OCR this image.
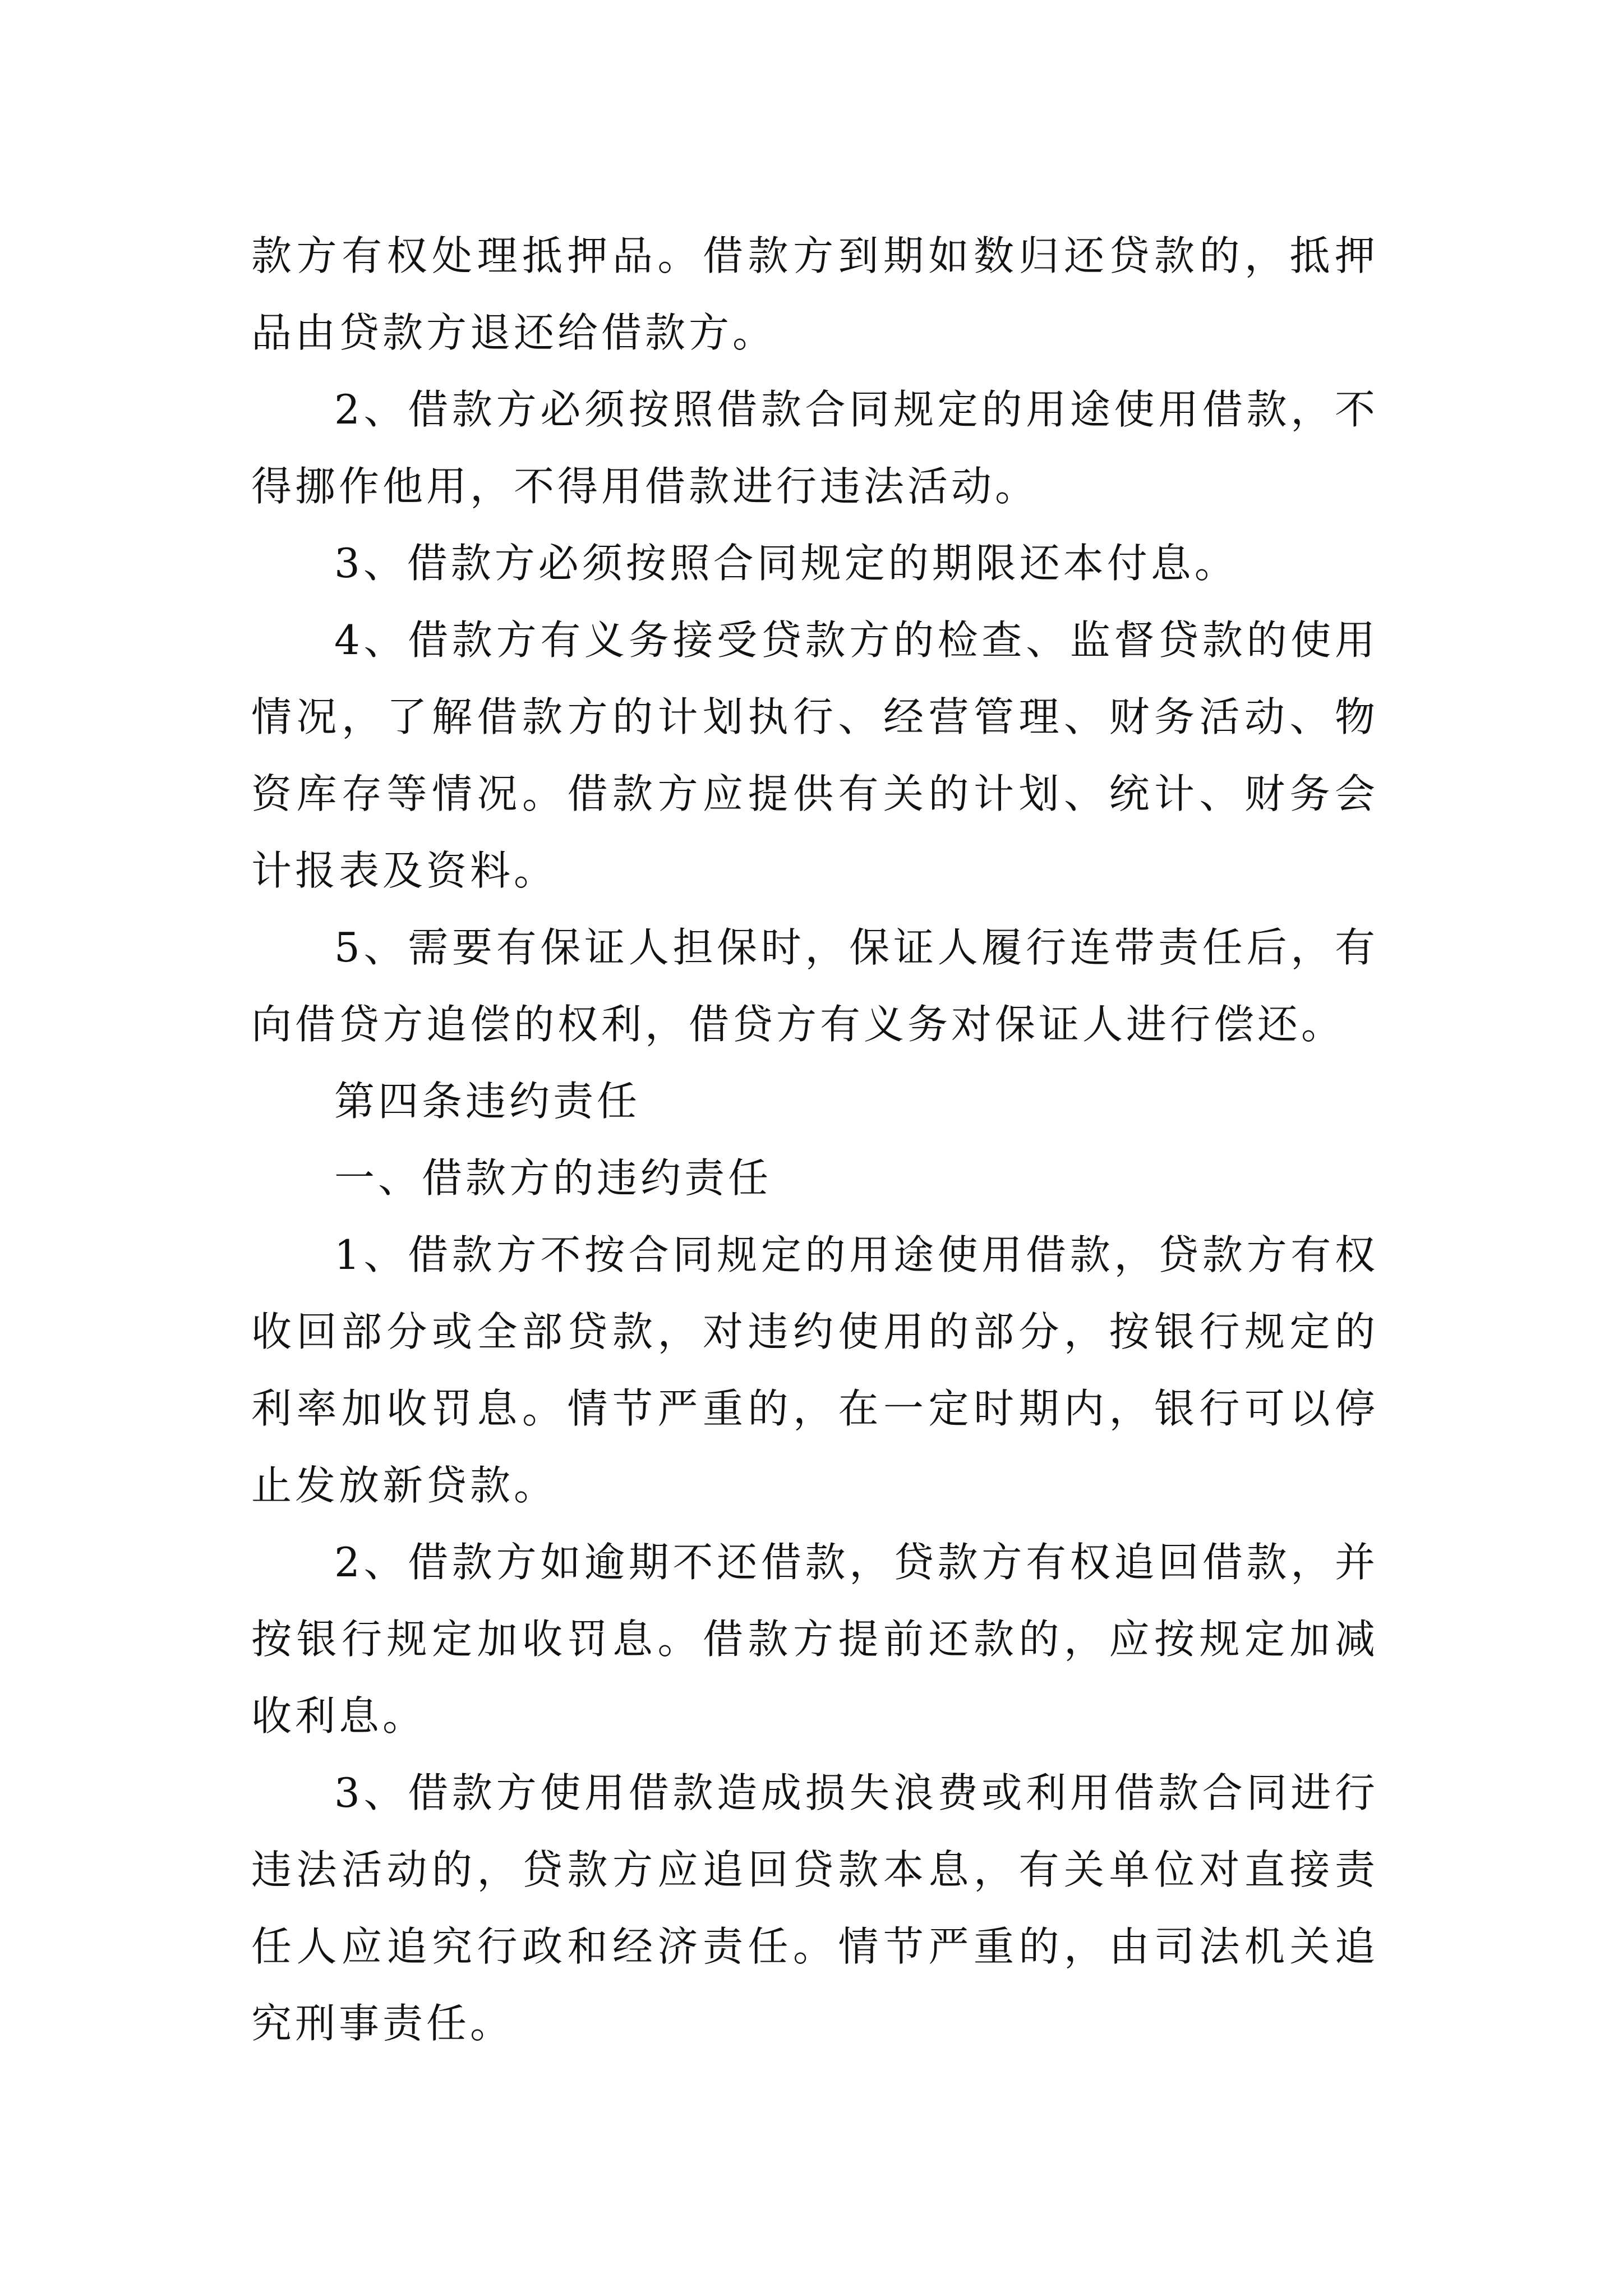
款方有权处理抵押品。借款方到期如数归还贷款的，抵押品由贷款方退还给借款方。

2、借款方必须按照借款合同规定的用途使用借款，不得挪作他用，不得用借款进行违法活动。

3、借款方必须按照合同规定的期限还本付息。

4、借款方有义务接受贷款方的检查、监督贷款的使用情况，了解借款方的计划执行、经营管理、财务活动、物资库存等情况。借款方应提供有关的计划、统计、财务会计报表及资料。

5、需要有保证人担保时，保证人履行连带责任后，有向借贷方追偿的权利，借贷方有义务对保证人进行偿还。

第四条违约责任

一、借款方的违约责任

1、借款方不按合同规定的用途使用借款，贷款方有权收回部分或全部贷款，对违约使用的部分，按银行规定的利率加收罚息。情节严重的，在一定时期内，银行可以停止发放新贷款。

2、借款方如逾期不还借款，贷款方有权追回借款，并按银行规定加收罚息。借款方提前还款的，应按规定加减收利息。

3、借款方使用借款造成损失浪费或利用借款合同进行违法活动的，贷款方应追回贷款本息，有关单位对直接责任人应追究行政和经济责任。情节严重的，由司法机关追究刑事责任。
